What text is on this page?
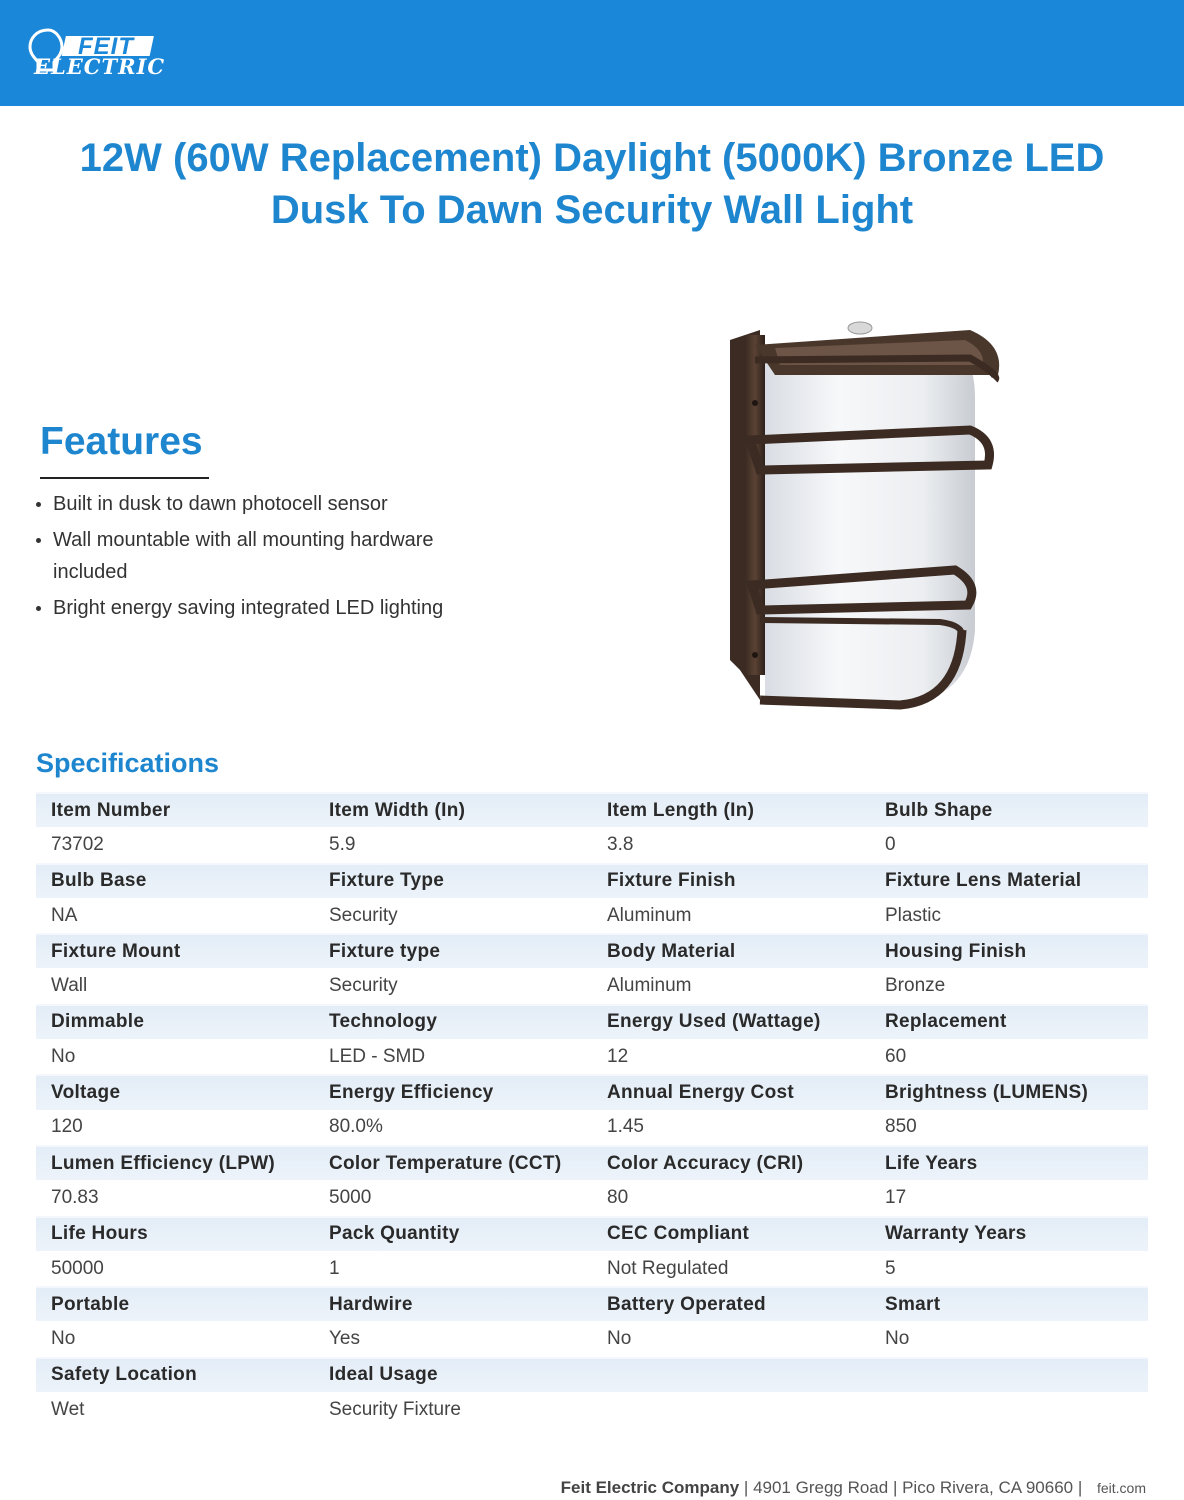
FEIT
ELECTRIC
12W (60W Replacement) Daylight (5000K) Bronze LED
Dusk To Dawn Security Wall Light
Features
Built in dusk to dawn photocell sensor
Wall mountable with all mounting hardware included
Bright energy saving integrated LED lighting
Specifications
Item Number	Item Width (In)	Item Length (In)	Bulb Shape
73702	5.9	3.8	0
Bulb Base	Fixture Type	Fixture Finish	Fixture Lens Material
NA	Security	Aluminum	Plastic
Fixture Mount	Fixture type	Body Material	Housing Finish
Wall	Security	Aluminum	Bronze
Dimmable	Technology	Energy Used (Wattage)	Replacement
No	LED - SMD	12	60
Voltage	Energy Efficiency	Annual Energy Cost	Brightness (LUMENS)
120	80.0%	1.45	850
Lumen Efficiency (LPW)	Color Temperature (CCT)	Color Accuracy (CRI)	Life Years
70.83	5000	80	17
Life Hours	Pack Quantity	CEC Compliant	Warranty Years
50000	1	Not Regulated	5
Portable	Hardwire	Battery Operated	Smart
No	Yes	No	No
Safety Location	Ideal Usage
Wet	Security Fixture
Feit Electric Company | 4901 Gregg Road | Pico Rivera, CA 90660 | feit.com
